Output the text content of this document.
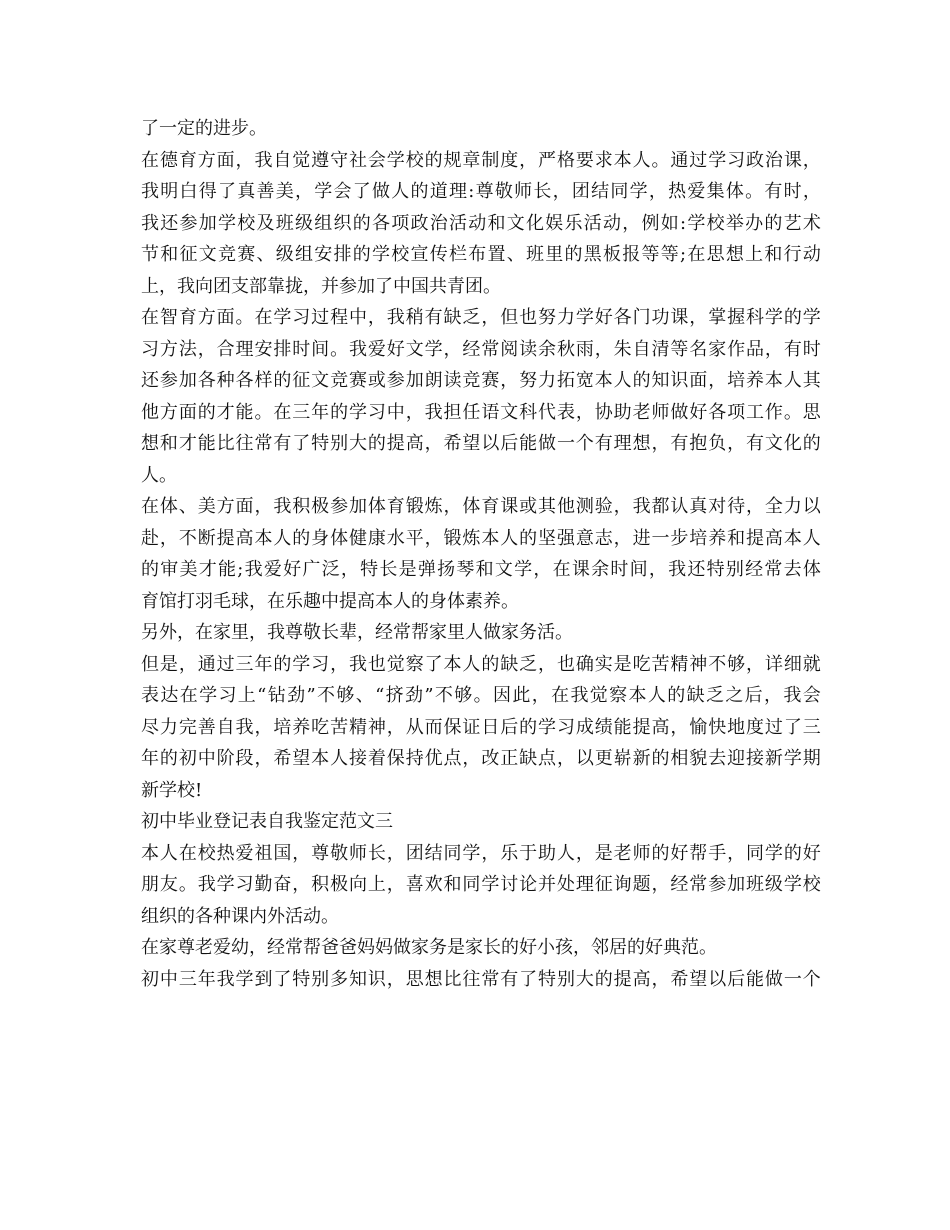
了一定的进步。
在 德 育 方 面 ， 我 自 觉 遵 守 社 会 学 校 的 规 章 制 度 ， 严 格 要 求 本 人 。 通 过 学 习 政 治 课 ，
我 明 白 得 了 真 善 美 ， 学 会 了 做 人 的 道 理 : 尊 敬 师 长 ， 团 结 同 学 ， 热 爱 集 体 。 有 时 ，
我 还 参 加 学 校 及 班 级 组 织 的 各 项 政 治 活 动 和 文 化 娱 乐 活 动 ， 例 如 : 学 校 举 办 的 艺 术
节 和 征 文 竞 赛 、 级 组 安 排 的 学 校 宣 传 栏 布 置 、 班 里 的 黑 板 报 等 等 ; 在 思 想 上 和 行 动
上，我向团支部靠拢，并参加了中国共青团。
在 智 育 方 面 。 在 学 习 过 程 中 ， 我 稍 有 缺 乏 ， 但 也 努 力 学 好 各 门 功 课 ， 掌 握 科 学 的 学
习 方 法 ， 合 理 安 排 时 间 。 我 爱 好 文 学 ， 经 常 阅 读 余 秋 雨 ， 朱 自 清 等 名 家 作 品 ， 有 时
还 参 加 各 种 各 样 的 征 文 竞 赛 或 参 加 朗 读 竞 赛 ， 努 力 拓 宽 本 人 的 知 识 面 ， 培 养 本 人 其
他 方 面 的 才 能 。 在 三 年 的 学 习 中 ， 我 担 任 语 文 科 代 表 ， 协 助 老 师 做 好 各 项 工 作 。 思
想 和 才 能 比 往 常 有 了 特 别 大 的 提 高 ， 希 望 以 后 能 做 一 个 有 理 想 ， 有 抱 负 ， 有 文 化 的
人。
在 体 、 美 方 面 ， 我 积 极 参 加 体 育 锻 炼 ， 体 育 课 或 其 他 测 验 ， 我 都 认 真 对 待 ， 全 力 以
赴 ， 不 断 提 高 本 人 的 身 体 健 康 水 平 ， 锻 炼 本 人 的 坚 强 意 志 ， 进 一 步 培 养 和 提 高 本 人
的 审 美 才 能 ; 我 爱 好 广 泛 ， 特 长 是 弹 扬 琴 和 文 学 ， 在 课 余 时 间 ， 我 还 特 别 经 常 去 体
育馆打羽毛球，在乐趣中提高本人的身体素养。
另外，在家里，我尊敬长辈，经常帮家里人做家务活。
但 是 ， 通 过 三 年 的 学 习 ， 我 也 觉 察 了 本 人 的 缺 乏 ， 也 确 实 是 吃 苦 精 神 不 够 ， 详 细 就
表 达 在 学 习 上 “ 钻 劲 ” 不 够 、 “ 挤 劲 ” 不 够 。 因 此 ， 在 我 觉 察 本 人 的 缺 乏 之 后 ， 我 会
尽 力 完 善 自 我 ， 培 养 吃 苦 精 神 ， 从 而 保 证 日 后 的 学 习 成 绩 能 提 高 ， 愉 快 地 度 过 了 三
年 的 初 中 阶 段 ， 希 望 本 人 接 着 保 持 优 点 ， 改 正 缺 点 ， 以 更 崭 新 的 相 貌 去 迎 接 新 学 期
新学校!
初中毕业登记表自我鉴定范文三
本 人 在 校 热 爱 祖 国 ， 尊 敬 师 长 ， 团 结 同 学 ， 乐 于 助 人 ， 是 老 师 的 好 帮 手 ， 同 学 的 好
朋 友 。 我 学 习 勤 奋 ， 积 极 向 上 ， 喜 欢 和 同 学 讨 论 并 处 理 征 询 题 ， 经 常 参 加 班 级 学 校
组织的各种课内外活动。
在家尊老爱幼，经常帮爸爸妈妈做家务是家长的好小孩，邻居的好典范。
初 中 三 年 我 学 到 了 特 别 多 知 识 ， 思 想 比 往 常 有 了 特 别 大 的 提 高 ， 希 望 以 后 能 做 一 个
